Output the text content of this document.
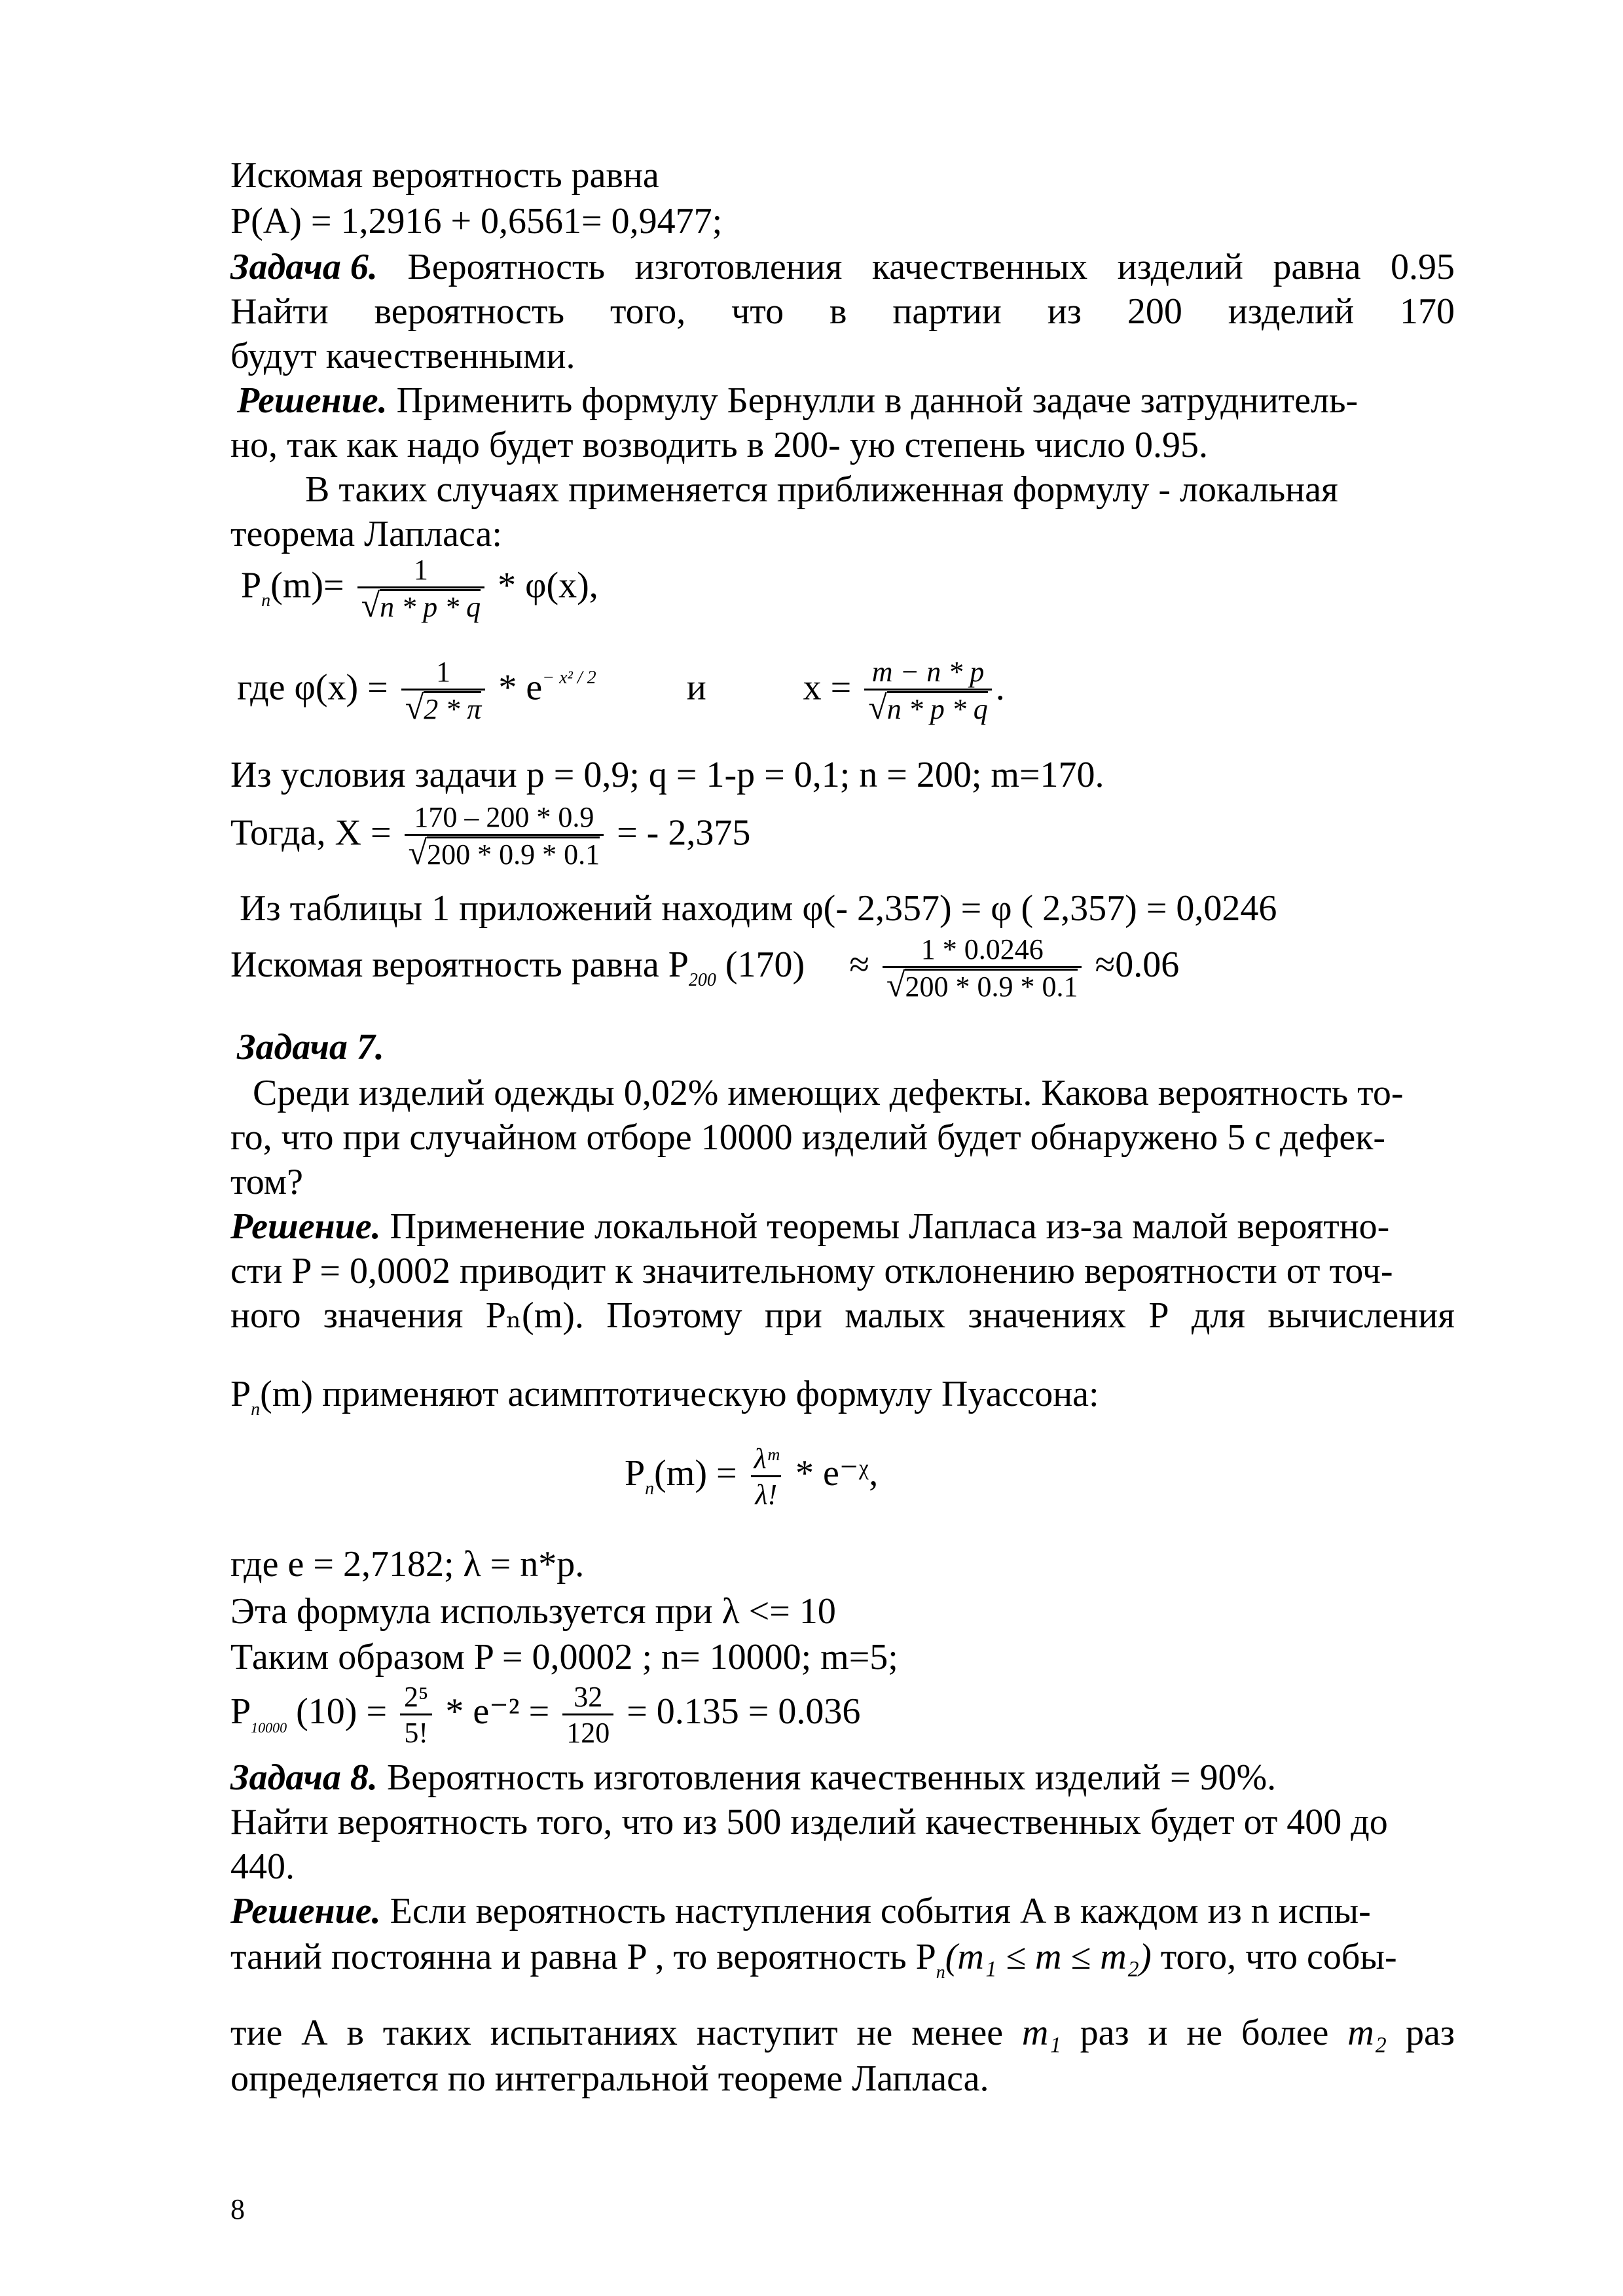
Искомая вероятность равна
P(A) = 1,2916 + 0,6561= 0,9477;
Задача 6. Вероятность изготовления качественных изделий равна 0.95
Найти вероятность того, что в партии из 200 изделий 170
будут качественными.
Решение. Применить формулу Бернулли в данной задаче затруднитель-
но, так как надо будет возводить в 200- ую степень число 0.95.
В таких случаях применяется приближенная формулу - локальная
теорема Лапласа:
$P_n(m)= \frac{1}{√n * p * q} * \varphi(x)$,
где $\varphi(x) = \frac{1}{√2 * \pi} * e^{- x^2 / 2}$ и	$x = \frac{m - n * p}{√n * p * q}$ .
Из условия задачи p = 0,9; q = 1-p = 0,1; n = 200; m=170.
Тогда, $X = \frac{170 - 200 * 0.9}{√200 * 0.9 * 0.1}$ = - 2,375
Из таблицы 1 приложений находим φ(- 2,357) = φ ( 2,357) = 0,0246
Искомая вероятность равна $P_{200}$ $(170) \approx \frac{1 * 0.0246}{√200 * 0.9 * 0.1} \approx 0.06$
Задача 7.
Среди изделий одежды 0,02% имеющих дефекты. Какова вероятность то-
го, что при случайном отборе 10000 изделий будет обнаружено 5 с дефек-
том?
Решение. Применение локальной теоремы Лапласа из-за малой вероятно-
сти P = 0,0002 приводит к значительному отклонению вероятности от точ-
ного значения Pₙ(m). Поэтому при малых значениях P для вычисления
$P_n(m)$ применяют асимптотическую формулу Пуассона:
$P_n(m) = \frac{\text{λᵐ}}{\lambda!}$ * e⁻ᵡ,
где e = 2,7182; λ = n*p.
Эта формула используется при λ <= 10
Таким образом P = 0,0002 ; n= 10000; m=5;
$P_{10000}$ $(10) = \frac{\text{2⁵}}{5!} * e^{-2} = \frac{32}{120} = 0.135 = 0.036$
Задача 8. Вероятность изготовления качественных изделий = 90%.
Найти вероятность того, что из 500 изделий качественных будет от 400 до
440.
Решение. Если вероятность наступления события A в каждом из n испы-
таний постоянна и равна P , то вероятность $P_n(m_1 \le m \le m_2)$ того, что собы-
тие A в таких испытаниях наступит не менее m₁ раз и не более m₂ раз
определяется по интегральной теореме Лапласа.
8
